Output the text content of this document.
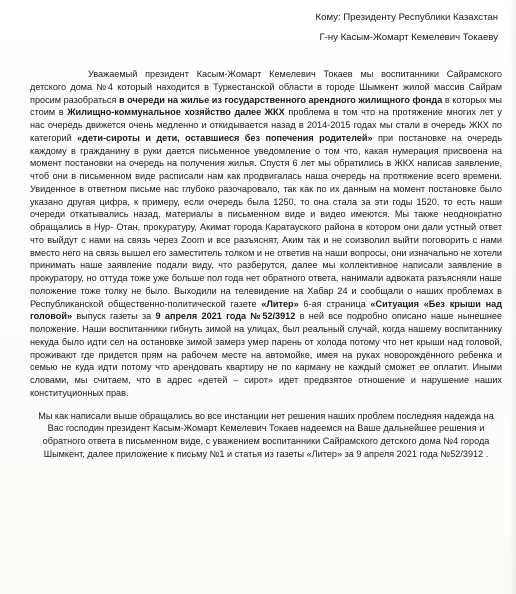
Кому: Президенту Республики Казахстан
Г-ну Касым-Жомарт Кемелевич Токаеву

Уважаемый президент Касым-Жомарт Кемелевич Токаев мы воспитанники Сайрамского детского дома №4 который находится в Туркестанской области в городе Шымкент жилой массив Сайрам просим разобраться в очереди на жилье из государственного арендного жилищного фонда в которых мы стоим в Жилищно-коммунальное хозяйство далее ЖКХ проблема в том что на протяжение многих лет у нас очередь движется очень медленно и откидывается назад в 2014-2015 годах мы стали в очередь ЖКХ по категорий «дети-сироты и дети, оставшиеся без попечения родителей» при постановке на очередь каждому в гражданину в руки дается письменное уведомление о том что, какая нумерация присвоена на момент постановки на очередь на получения жилья. Спустя 6 лет мы обратились в ЖКХ написав заявление, чтоб они в письменном виде расписали нам как продвигалась наша очередь на протяжение всего времени. Увиденное в ответном письме нас глубоко разочаровало, так как по их данным на момент постановке было указано другая цифра, к примеру, если очередь была 1250, то она стала за эти годы 1520, то есть наши очереди откатывались назад, материалы в письменном виде и видео имеются. Мы также неоднократно обращались в Нур- Отан, прокуратуру, Акимат города Каратауского района в котором они дали устный ответ что выйдут с нами на связь через Zoom и все разъяснят, Аким так и не соизволил выйти поговорить с нами вместо него на связь вышел его заместитель толком и не ответив на наши вопросы, они изначально не хотели принимать наше заявление подали виду, что разберутся, далее мы коллективное написали заявление в прокуратору, но оттуда тоже уже больше пол года нет обратного ответа, нанимали адвоката разъясняли наше положение тоже толку не было. Выходили на телевидение на Хабар 24 и сообщали о наших проблемах в Республиканской общественно-политической газете «Литер» 6-ая страница «Ситуация «Без крыши над головой» выпуск газеты за 9 апреля 2021 года №52/3912 в ней все подробно описано наше нынешнее положение. Наши воспитанники гибнуть зимой на улицах, был реальный случай, когда нашему воспитаннику некуда было идти сел на остановке зимой замерз умер парень от холода потому что нет крыши над головой, проживают где придется прям на рабочем месте на автомойке, имея на руках новорождённого ребенка и семью не куда идти потому что арендовать квартиру не по карману не каждый сможет ее оплатит. Иными словами, мы считаем, что в адрес «детей – сирот» идет предвзятое отношение и нарушение наших конституционных прав.

Мы как написали выше обращались во все инстанции нет решения наших проблем последняя надежда на Вас господин президент Касым-Жомарт Кемелевич Токаев надеемся на Ваше дальнейшее решения и обратного ответа в письменном виде, с уважением воспитанники Сайрамского детского дома №4 города Шымкент, далее приложение к письму №1 и статья из газеты «Литер» за 9 апреля 2021 года №52/3912 .
